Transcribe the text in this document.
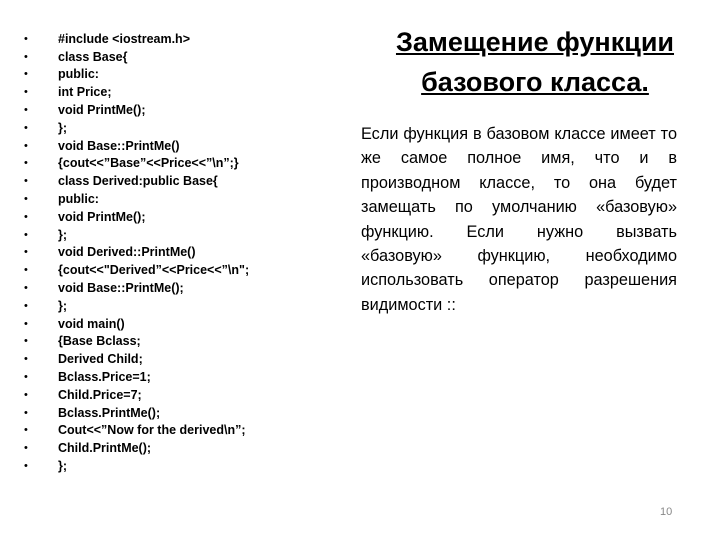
•	#include <iostream.h>
•	class Base{
•	public:
•	int Price;
•	void PrintMe();
•	};
•	void Base::PrintMe()
•	{cout<<”Base”<<Price<<”\n”;}
•	class Derived:public Base{
•	public:
•	void PrintMe();
•	};
•	void Derived::PrintMe()
•	{cout<<"Derived”<<Price<<”\n";
•	void Base::PrintMe();
•	};
•	void main()
•	{Base Bclass;
•	Derived Child;
•	Bclass.Price=1;
•	Child.Price=7;
•	Bclass.PrintMe();
•	Cout<<”Now for the derived\n”;
•	Child.PrintMe();
•	};
Замещение функции
базового класса.

Если функция в базовом классе имеет то же самое полное имя, что и в производном классе, то она будет замещать по умолчанию «базовую» функцию. Если нужно вызвать «базовую» функцию, необходимо использовать оператор разрешения видимости ::

10
